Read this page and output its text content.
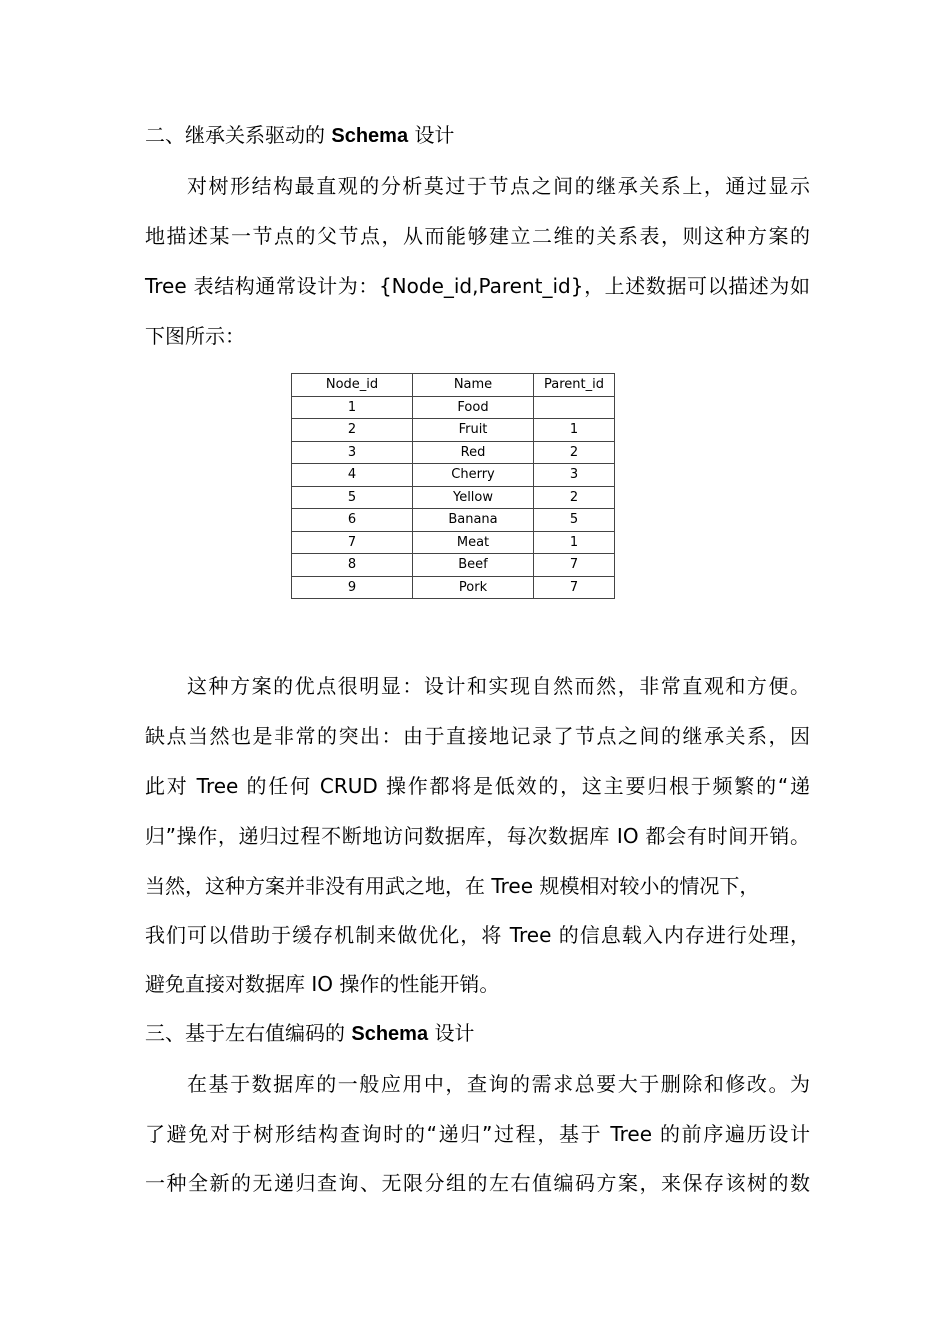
二、继承关系驱动的 Schema 设计
对树形结构最直观的分析莫过于节点之间的继承关系上，通过显示
地描述某一节点的父节点，从而能够建立二维的关系表，则这种方案的
Tree 表结构通常设计为：{Node_id,Parent_id}，上述数据可以描述为如
下图所示：
Node_id	Name	Parent_id
1	Food	
2	Fruit	1
3	Red	2
4	Cherry	3
5	Yellow	2
6	Banana	5
7	Meat	1
8	Beef	7
9	Pork	7
这种方案的优点很明显：设计和实现自然而然，非常直观和方便。
缺点当然也是非常的突出：由于直接地记录了节点之间的继承关系，因
此对 Tree 的任何 CRUD 操作都将是低效的，这主要归根于频繁的“递
归”操作，递归过程不断地访问数据库，每次数据库 IO 都会有时间开销。
当然，这种方案并非没有用武之地，在 Tree 规模相对较小的情况下，
我们可以借助于缓存机制来做优化，将 Tree 的信息载入内存进行处理，
避免直接对数据库 IO 操作的性能开销。
三、基于左右值编码的 Schema 设计
在基于数据库的一般应用中，查询的需求总要大于删除和修改。为
了避免对于树形结构查询时的“递归”过程，基于 Tree 的前序遍历设计
一种全新的无递归查询、无限分组的左右值编码方案，来保存该树的数
